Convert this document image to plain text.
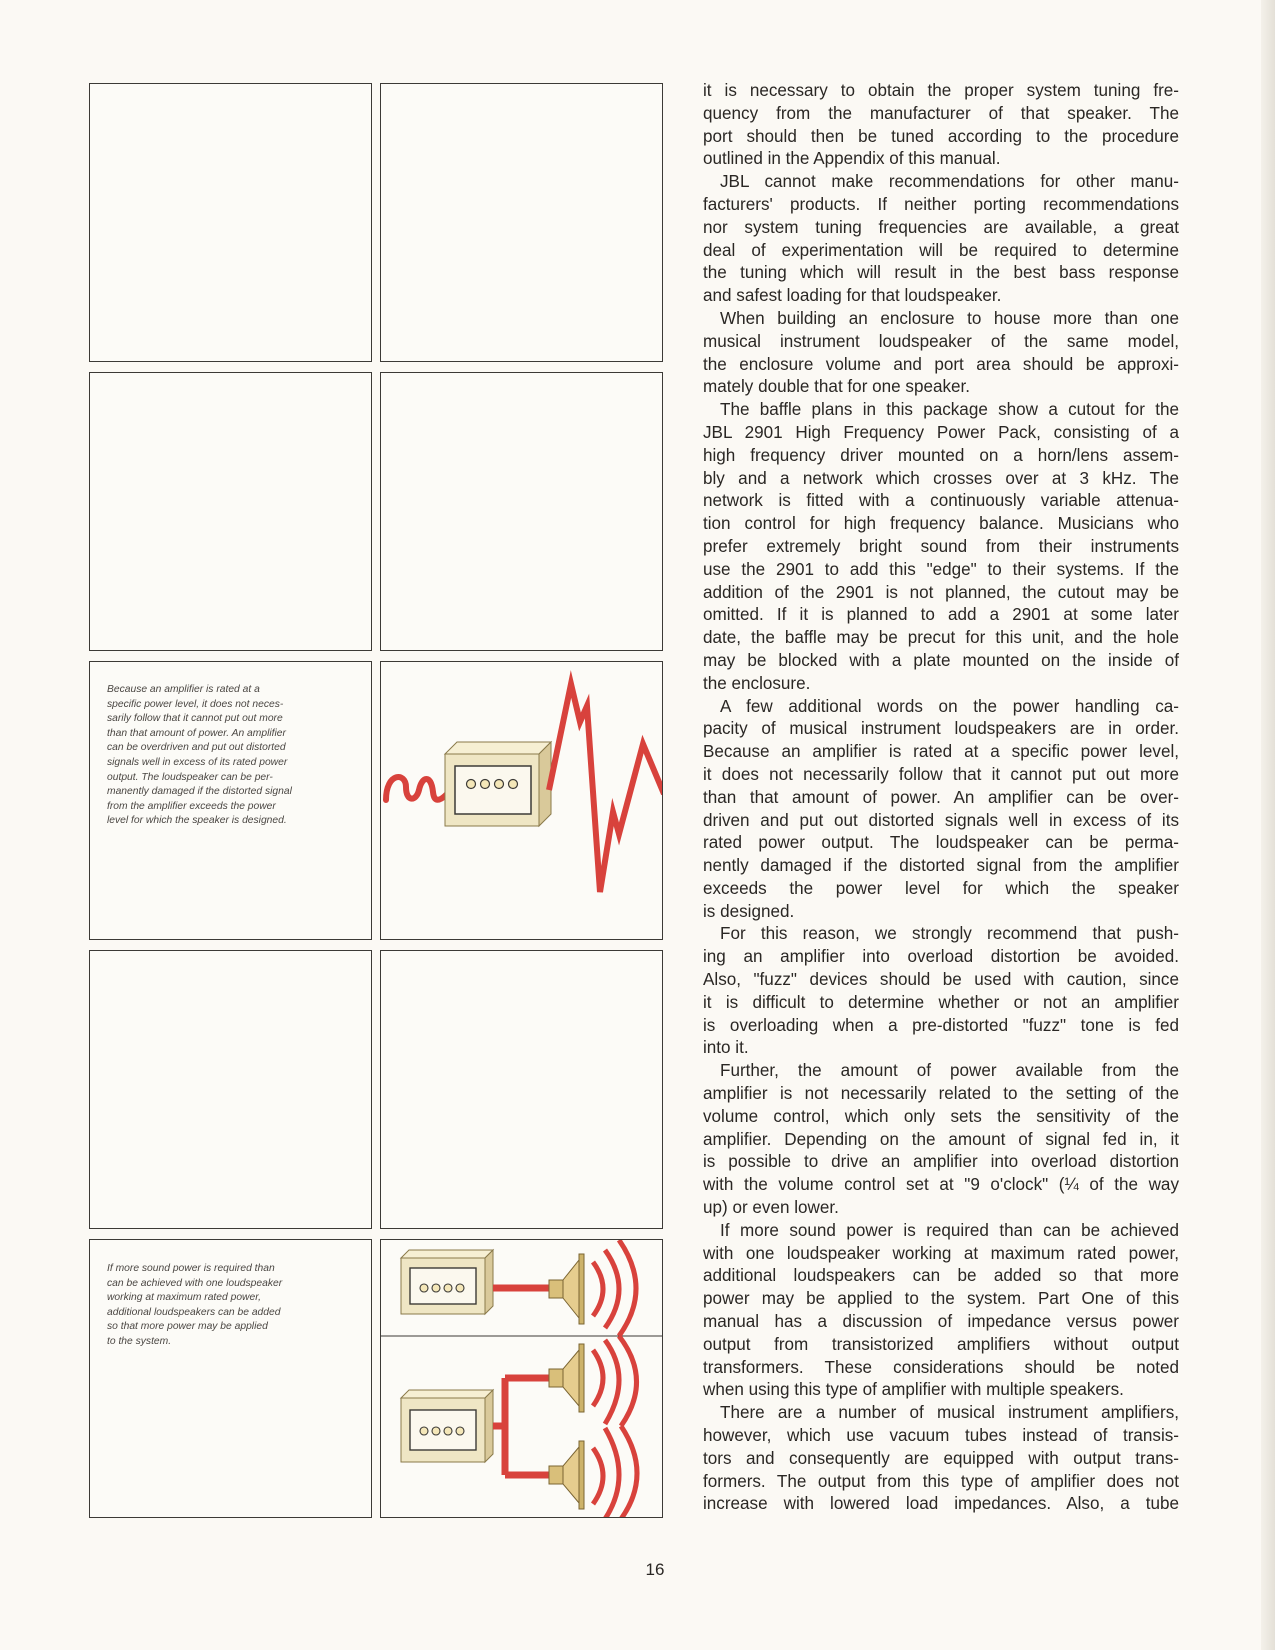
Because an amplifier is rated at a
specific power level, it does not neces-
sarily follow that it cannot put out more
than that amount of power. An amplifier
can be overdriven and put out distorted
signals well in excess of its rated power
output. The loudspeaker can be per-
manently damaged if the distorted signal
from the amplifier exceeds the power
level for which the speaker is designed.
If more sound power is required than
can be achieved with one loudspeaker
working at maximum rated power,
additional loudspeakers can be added
so that more power may be applied
to the system.
it is necessary to obtain the proper system tuning fre-
quency from the manufacturer of that speaker. The
port should then be tuned according to the procedure
outlined in the Appendix of this manual.
JBL cannot make recommendations for other manu-
facturers' products. If neither porting recommendations
nor system tuning frequencies are available, a great
deal of experimentation will be required to determine
the tuning which will result in the best bass response
and safest loading for that loudspeaker.
When building an enclosure to house more than one
musical instrument loudspeaker of the same model,
the enclosure volume and port area should be approxi-
mately double that for one speaker.
The baffle plans in this package show a cutout for the
JBL 2901 High Frequency Power Pack, consisting of a
high frequency driver mounted on a horn/lens assem-
bly and a network which crosses over at 3 kHz. The
network is fitted with a continuously variable attenua-
tion control for high frequency balance. Musicians who
prefer extremely bright sound from their instruments
use the 2901 to add this "edge" to their systems. If the
addition of the 2901 is not planned, the cutout may be
omitted. If it is planned to add a 2901 at some later
date, the baffle may be precut for this unit, and the hole
may be blocked with a plate mounted on the inside of
the enclosure.
A few additional words on the power handling ca-
pacity of musical instrument loudspeakers are in order.
Because an amplifier is rated at a specific power level,
it does not necessarily follow that it cannot put out more
than that amount of power. An amplifier can be over-
driven and put out distorted signals well in excess of its
rated power output. The loudspeaker can be perma-
nently damaged if the distorted signal from the amplifier
exceeds the power level for which the speaker
is designed.
For this reason, we strongly recommend that push-
ing an amplifier into overload distortion be avoided.
Also, "fuzz" devices should be used with caution, since
it is difficult to determine whether or not an amplifier
is overloading when a pre-distorted "fuzz" tone is fed
into it.
Further, the amount of power available from the
amplifier is not necessarily related to the setting of the
volume control, which only sets the sensitivity of the
amplifier. Depending on the amount of signal fed in, it
is possible to drive an amplifier into overload distortion
with the volume control set at "9 o'clock" (¼ of the way
up) or even lower.
If more sound power is required than can be achieved
with one loudspeaker working at maximum rated power,
additional loudspeakers can be added so that more
power may be applied to the system. Part One of this
manual has a discussion of impedance versus power
output from transistorized amplifiers without output
transformers. These considerations should be noted
when using this type of amplifier with multiple speakers.
There are a number of musical instrument amplifiers,
however, which use vacuum tubes instead of transis-
tors and consequently are equipped with output trans-
formers. The output from this type of amplifier does not
increase with lowered load impedances. Also, a tube
16
